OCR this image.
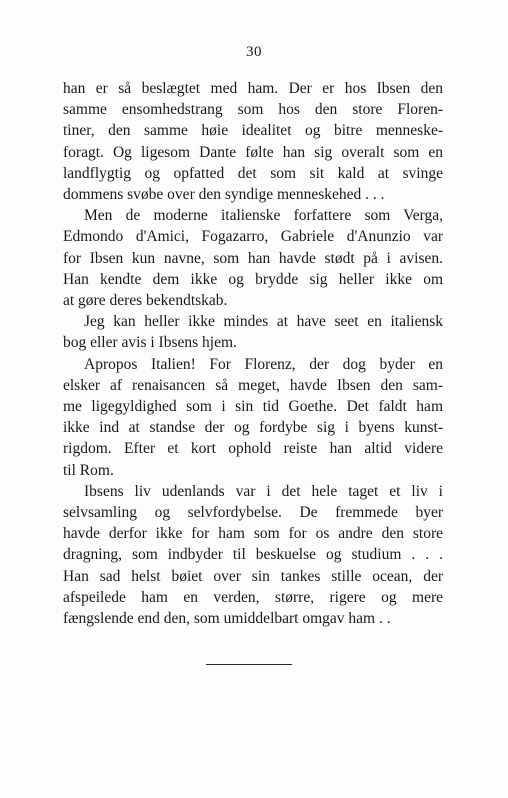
30

han er så beslægtet med ham. Der er hos Ibsen den
samme ensomhedstrang som hos den store Floren-
tiner, den samme høie idealitet og bitre menneske-
foragt. Og ligesom Dante følte han sig overalt som en
landflygtig og opfatted det som sit kald at svinge
dommens svøbe over den syndige menneskehed . . .

Men de moderne italienske forfattere som Verga,
Edmondo d'Amici, Fogazarro, Gabriele d'Anunzio var
for Ibsen kun navne, som han havde stødt på i avisen.
Han kendte dem ikke og brydde sig heller ikke om
at gøre deres bekendtskab.

Jeg kan heller ikke mindes at have seet en italiensk
bog eller avis i Ibsens hjem.

Apropos Italien! For Florenz, der dog byder en
elsker af renaisancen så meget, havde Ibsen den sam-
me ligegyldighed som i sin tid Goethe. Det faldt ham
ikke ind at standse der og fordybe sig i byens kunst-
rigdom. Efter et kort ophold reiste han altid videre
til Rom.

Ibsens liv udenlands var i det hele taget et liv i
selvsamling og selvfordybelse. De fremmede byer
havde derfor ikke for ham som for os andre den store
dragning, som indbyder til beskuelse og studium . . .
Han sad helst bøiet over sin tankes stille ocean, der
afspeilede ham en verden, større, rigere og mere
fængslende end den, som umiddelbart omgav ham . .
